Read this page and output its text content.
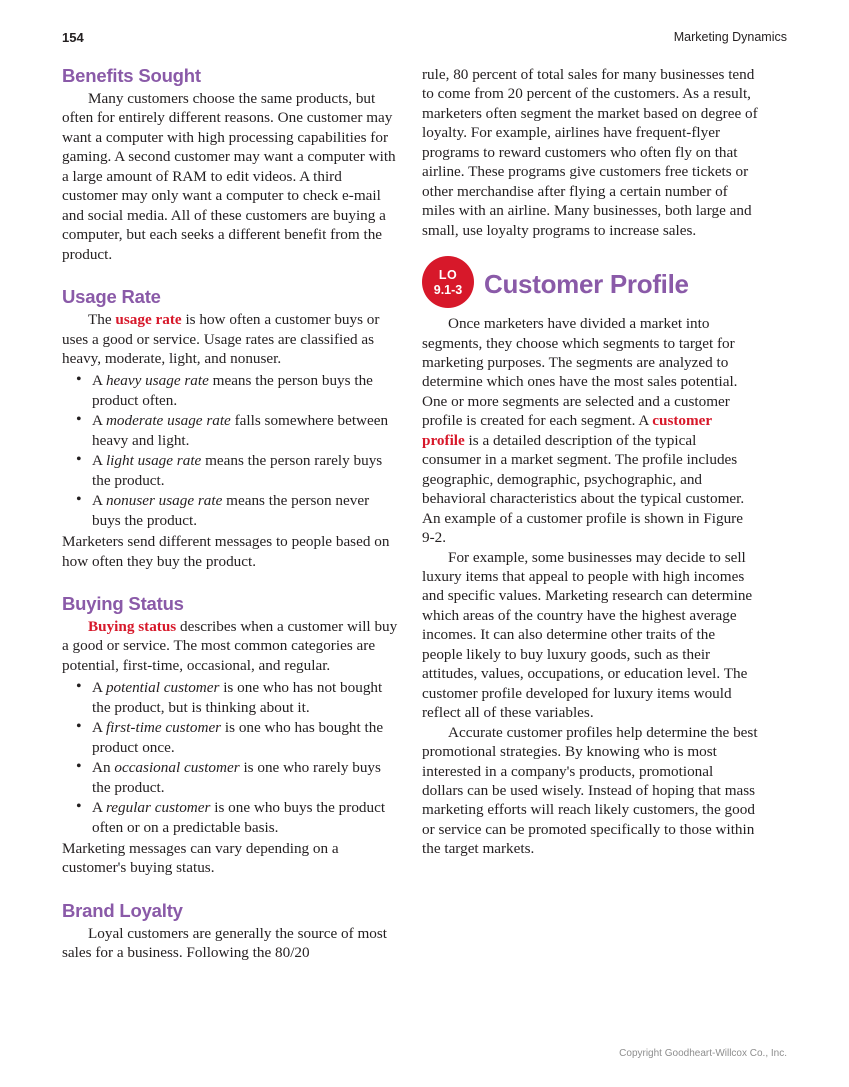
154	Marketing Dynamics
Benefits Sought

Many customers choose the same products, but often for entirely different reasons. One customer may want a computer with high processing capabilities for gaming. A second customer may want a computer with a large amount of RAM to edit videos. A third customer may only want a computer to check e-mail and social media. All of these customers are buying a computer, but each seeks a different benefit from the product.

Usage Rate

The usage rate is how often a customer buys or uses a good or service. Usage rates are classified as heavy, moderate, light, and nonuser.

• A heavy usage rate means the person buys the product often.
• A moderate usage rate falls somewhere between heavy and light.
• A light usage rate means the person rarely buys the product.
• A nonuser usage rate means the person never buys the product.

Marketers send different messages to people based on how often they buy the product.

Buying Status

Buying status describes when a customer will buy a good or service. The most common categories are potential, first-time, occasional, and regular.

• A potential customer is one who has not bought the product, but is thinking about it.
• A first-time customer is one who has bought the product once.
• An occasional customer is one who rarely buys the product.
• A regular customer is one who buys the product often or on a predictable basis.

Marketing messages can vary depending on a customer's buying status.

Brand Loyalty

Loyal customers are generally the source of most sales for a business. Following the 80/20

rule, 80 percent of total sales for many businesses tend to come from 20 percent of the customers. As a result, marketers often segment the market based on degree of loyalty. For example, airlines have frequent-flyer programs to reward customers who often fly on that airline. These programs give customers free tickets or other merchandise after flying a certain number of miles with an airline. Many businesses, both large and small, use loyalty programs to increase sales.

LO
9.1-3 Customer Profile

Once marketers have divided a market into segments, they choose which segments to target for marketing purposes. The segments are analyzed to determine which ones have the most sales potential. One or more segments are selected and a customer profile is created for each segment. A customer profile is a detailed description of the typical consumer in a market segment. The profile includes geographic, demographic, psychographic, and behavioral characteristics about the typical customer. An example of a customer profile is shown in Figure 9-2.

For example, some businesses may decide to sell luxury items that appeal to people with high incomes and specific values. Marketing research can determine which areas of the country have the highest average incomes. It can also determine other traits of the people likely to buy luxury goods, such as their attitudes, values, occupations, or education level. The customer profile developed for luxury items would reflect all of these variables.

Accurate customer profiles help determine the best promotional strategies. By knowing who is most interested in a company's products, promotional dollars can be used wisely. Instead of hoping that mass marketing efforts will reach likely customers, the good or service can be promoted specifically to those within the target markets.

Copyright Goodheart-Willcox Co., Inc.
